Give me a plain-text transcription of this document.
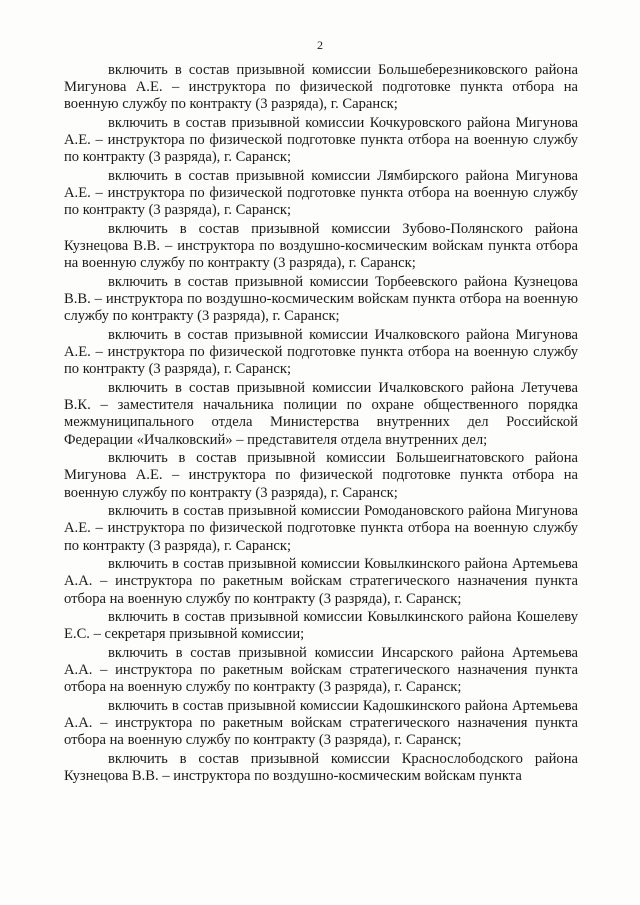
2

включить в состав призывной комиссии Большеберезниковского района Мигунова А.Е. – инструктора по физической подготовке пункта отбора на военную службу по контракту (3 разряда), г. Саранск;

включить в состав призывной комиссии Кочкуровского района Мигунова А.Е. – инструктора по физической подготовке пункта отбора на военную службу по контракту (3 разряда), г. Саранск;

включить в состав призывной комиссии Лямбирского района Мигунова А.Е. – инструктора по физической подготовке пункта отбора на военную службу по контракту (3 разряда), г. Саранск;

включить в состав призывной комиссии Зубово-Полянского района Кузнецова В.В. – инструктора по воздушно-космическим войскам пункта отбора на военную службу по контракту (3 разряда), г. Саранск;

включить в состав призывной комиссии Торбеевского района Кузнецова В.В. – инструктора по воздушно-космическим войскам пункта отбора на военную службу по контракту (3 разряда), г. Саранск;

включить в состав призывной комиссии Ичалковского района Мигунова А.Е. – инструктора по физической подготовке пункта отбора на военную службу по контракту (3 разряда), г. Саранск;

включить в состав призывной комиссии Ичалковского района Летучева В.К. – заместителя начальника полиции по охране общественного порядка межмуниципального отдела Министерства внутренних дел Российской Федерации «Ичалковский» – представителя отдела внутренних дел;

включить в состав призывной комиссии Большеигнатовского района Мигунова А.Е. – инструктора по физической подготовке пункта отбора на военную службу по контракту (3 разряда), г. Саранск;

включить в состав призывной комиссии Ромодановского района Мигунова А.Е. – инструктора по физической подготовке пункта отбора на военную службу по контракту (3 разряда), г. Саранск;

включить в состав призывной комиссии Ковылкинского района Артемьева А.А. – инструктора по ракетным войскам стратегического назначения пункта отбора на военную службу по контракту (3 разряда), г. Саранск;

включить в состав призывной комиссии Ковылкинского района Кошелеву Е.С. – секретаря призывной комиссии;

включить в состав призывной комиссии Инсарского района Артемьева А.А. – инструктора по ракетным войскам стратегического назначения пункта отбора на военную службу по контракту (3 разряда), г. Саранск;

включить в состав призывной комиссии Кадошкинского района Артемьева А.А. – инструктора по ракетным войскам стратегического назначения пункта отбора на военную службу по контракту (3 разряда), г. Саранск;

включить в состав призывной комиссии Краснослободского района Кузнецова В.В. – инструктора по воздушно-космическим войскам пункта
